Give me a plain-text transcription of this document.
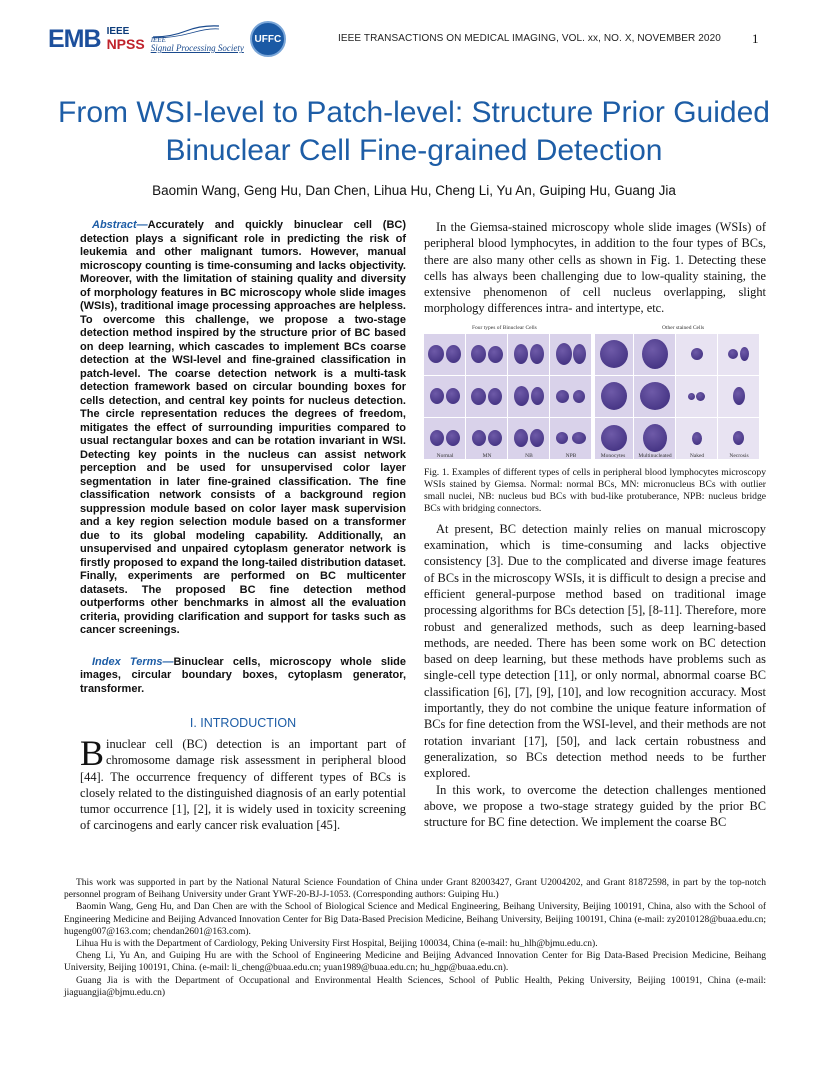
EMB IEEE
NPSS IEEE
Signal Processing Society
UFFC	IEEE TRANSACTIONS ON MEDICAL IMAGING, VOL. xx, NO. X, NOVEMBER 2020 1
From WSI-level to Patch-level: Structure Prior Guided Binuclear Cell Fine-grained Detection
Baomin Wang, Geng Hu, Dan Chen, Lihua Hu, Cheng Li, Yu An, Guiping Hu, Guang Jia

Abstract—Accurately and quickly binuclear cell (BC) detection plays a significant role in predicting the risk of leukemia and other malignant tumors. However, manual microscopy counting is time-consuming and lacks objectivity. Moreover, with the limitation of staining quality and diversity of morphology features in BC microscopy whole slide images (WSIs), traditional image processing approaches are helpless. To overcome this challenge, we propose a two-stage detection method inspired by the structure prior of BC based on deep learning, which cascades to implement BCs coarse detection at the WSI-level and fine-grained classification in patch-level. The coarse detection network is a multi-task detection framework based on circular bounding boxes for cells detection, and central key points for nucleus detection. The circle representation reduces the degrees of freedom, mitigates the effect of surrounding impurities compared to usual rectangular boxes and can be rotation invariant in WSI. Detecting key points in the nucleus can assist network perception and be used for unsupervised color layer segmentation in later fine-grained classification. The fine classification network consists of a background region suppression module based on color layer mask supervision and a key region selection module based on a transformer due to its global modeling capability. Additionally, an unsupervised and unpaired cytoplasm generator network is firstly proposed to expand the long-tailed distribution dataset. Finally, experiments are performed on BC multicenter datasets. The proposed BC fine detection method outperforms other benchmarks in almost all the evaluation criteria, providing clarification and support for tasks such as cancer screenings.

Index Terms—Binuclear cells, microscopy whole slide images, circular boundary boxes, cytoplasm generator, transformer.

I. INTRODUCTION

Binuclear cell (BC) detection is an important part of chromosome damage risk assessment in peripheral blood [44]. The occurrence frequency of different types of BCs is closely related to the distinguished diagnosis of an early potential tumor occurrence [1], [2], it is widely used in toxicity screening of carcinogens and early cancer risk evaluation [45].

In the Giemsa-stained microscopy whole slide images (WSIs) of peripheral blood lymphocytes, in addition to the four types of BCs, there are also many other cells as shown in Fig. 1. Detecting these cells has always been challenging due to low-quality staining, the extensive phenomenon of cell nucleus overlapping, slight morphology differences intra- and intertype, etc.

Four types of Binuclear Cells	Other stained Cells
Normal	MN	NB	NPB	Monocytes	Multinucleated	Naked	Necrosis

Fig. 1. Examples of different types of cells in peripheral blood lymphocytes microscopy WSIs stained by Giemsa. Normal: normal BCs, MN: micronucleus BCs with outlier small nuclei, NB: nucleus bud BCs with bud-like protuberance, NPB: nucleus bridge BCs with bridging connectors.

At present, BC detection mainly relies on manual microscopy examination, which is time-consuming and lacks objective consistency [3]. Due to the complicated and diverse image features of BCs in the microscopy WSIs, it is difficult to design a precise and efficient general-purpose method based on traditional image processing algorithms for BCs detection [5], [8-11]. Therefore, more robust and generalized methods, such as deep learning-based methods, are needed. There has been some work on BC detection based on deep learning, but these methods have problems such as single-cell type detection [11], or only normal, abnormal coarse BC classification [6], [7], [9], [10], and low recognition accuracy. Most importantly, they do not combine the unique feature information of BCs for fine detection from the WSI-level, and their methods are not rotation invariant [17], [50], and lack certain robustness and generalization, so BCs detection method needs to be further explored.

In this work, to overcome the detection challenges mentioned above, we propose a two-stage strategy guided by the prior BC structure for BC fine detection. We implement the coarse BC

This work was supported in part by the National Natural Science Foundation of China under Grant 82003427, Grant U2004202, and Grant 81872598, in part by the top-notch personnel program of Beihang University under Grant YWF-20-BJ-J-1053. (Corresponding authors: Guiping Hu.)

Baomin Wang, Geng Hu, and Dan Chen are with the School of Biological Science and Medical Engineering, Beihang University, Beijing 100191, China, also with the School of Engineering Medicine and Beijing Advanced Innovation Center for Big Data-Based Precision Medicine, Beihang University, Beijing 100191, China (e-mail: zy2010128@buaa.edu.cn; hugeng007@163.com; chendan2601@163.com).

Lihua Hu is with the Department of Cardiology, Peking University First Hospital, Beijing 100034, China (e-mail: hu_hlh@bjmu.edu.cn).

Cheng Li, Yu An, and Guiping Hu are with the School of Engineering Medicine and Beijing Advanced Innovation Center for Big Data-Based Precision Medicine, Beihang University, Beijing 100191, China. (e-mail: li_cheng@buaa.edu.cn; yuan1989@buaa.edu.cn; hu_hgp@buaa.edu.cn).

Guang Jia is with the Department of Occupational and Environmental Health Sciences, School of Public Health, Peking University, Beijing 100191, China (e-mail: jiaguangjia@bjmu.edu.cn)
